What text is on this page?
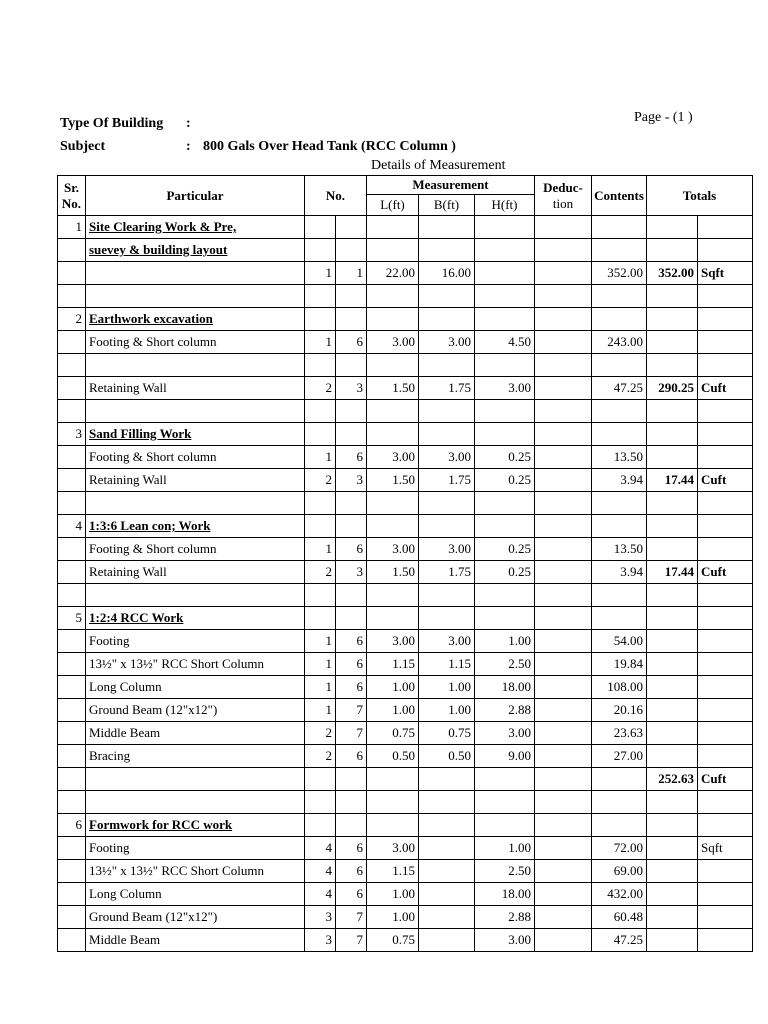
Page - (1 )
Type Of Building :
Subject	: 800 Gals Over Head Tank (RCC Column )
Details of Measurement
Sr.
No.	Particular	No.		Measurement			Deduc-
tion	Contents	Totals	
				L(ft)	B(ft)	H(ft)				
1	Site Clearing Work & Pre,									
	suevey & building layout									
		1	1	22.00	16.00			352.00	352.00	Sqft

2	Earthwork excavation									
	Footing & Short column	1	6	3.00	3.00	4.50		243.00		

	Retaining Wall	2	3	1.50	1.75	3.00		47.25	290.25	Cuft

3	Sand Filling Work									
	Footing & Short column	1	6	3.00	3.00	0.25		13.50		
	Retaining Wall	2	3	1.50	1.75	0.25		3.94	17.44	Cuft

4	1:3:6 Lean con; Work									
	Footing & Short column	1	6	3.00	3.00	0.25		13.50		
	Retaining Wall	2	3	1.50	1.75	0.25		3.94	17.44	Cuft

5	1:2:4 RCC Work									
	Footing	1	6	3.00	3.00	1.00		54.00		
	13½" x 13½" RCC Short Column	1	6	1.15	1.15	2.50		19.84		
	Long Column	1	6	1.00	1.00	18.00		108.00		
	Ground Beam (12"x12")	1	7	1.00	1.00	2.88		20.16		
	Middle Beam	2	7	0.75	0.75	3.00		23.63		
	Bracing	2	6	0.50	0.50	9.00		27.00		
									252.63	Cuft

6	Formwork for RCC work									
	Footing	4	6	3.00		1.00		72.00		Sqft
	13½" x 13½" RCC Short Column	4	6	1.15		2.50		69.00		
	Long Column	4	6	1.00		18.00		432.00		
	Ground Beam (12"x12")	3	7	1.00		2.88		60.48		
	Middle Beam	3	7	0.75		3.00		47.25		
